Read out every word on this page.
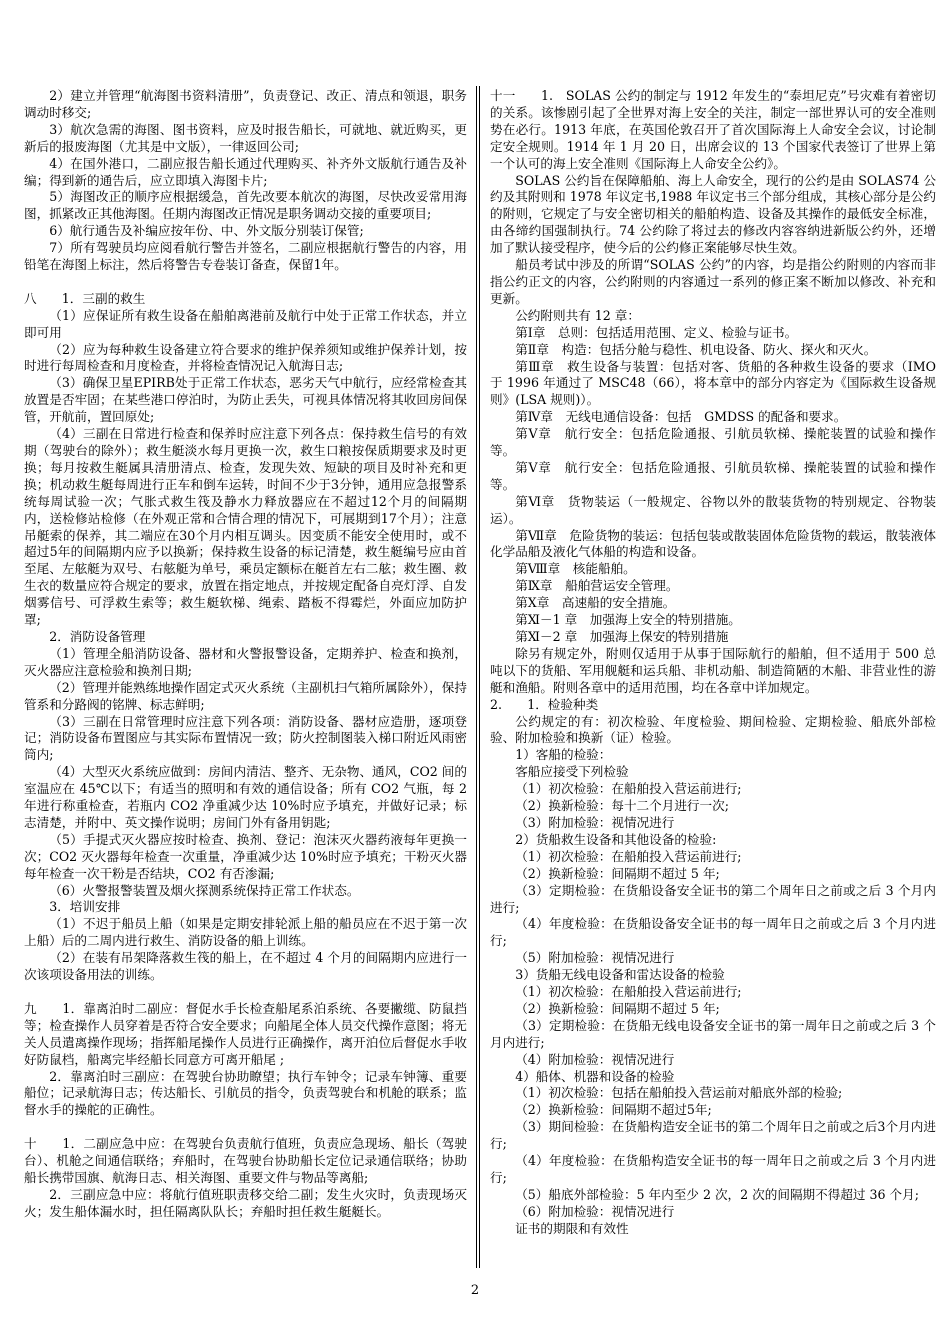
2）建立并管理“航海图书资料清册”，负责登记、改正、清点和领退，职务调动时移交;

3）航次急需的海图、图书资料，应及时报告船长，可就地、就近购买，更新后的报废海图（尤其是中文版），一律返回公司;

4）在国外港口，二副应报告船长通过代理购买、补齐外文版航行通告及补编；得到新的通告后，应立即填入海图卡片;

5）海图改正的顺序应根据缓急，首先改要本航次的海图，尽快改妥常用海图，抓紧改正其他海图。任期内海图改正情况是职务调动交接的重要项目;

6）航行通告及补编应按年份、中、外文版分别装订保管;

7）所有驾驶员均应阅看航行警告并签名，二副应根据航行警告的内容，用铅笔在海图上标注，然后将警告专卷装订备查，保留1年。

八　　1．三副的救生

（1）应保证所有救生设备在船舶离港前及航行中处于正常工作状态，并立即可用

（2）应为每种救生设备建立符合要求的维护保养须知或维护保养计划，按时进行每周检查和月度检查，并将检查情况记入航海日志;

（3）确保卫星EPIRB处于正常工作状态，恶劣天气中航行，应经常检查其放置是否牢固；在某些港口停泊时，为防止丢失，可视具体情况将其收回房间保管，开航前，置回原处;

（4）三副在日常进行检查和保养时应注意下列各点：保持救生信号的有效期（驾驶台的除外）；救生艇淡水每月更换一次，救生口粮按保质期要求及时更换；每月按救生艇属具清册清点、检查，发现失效、短缺的项目及时补充和更换；机动救生艇每周进行正车和倒车运转，时间不少于3分钟，通用应急报警系统每周试验一次；气胀式救生筏及静水力释放器应在不超过12个月的间隔期内，送检修站检修（在外观正常和合情合理的情况下，可展期到17个月）；注意吊艇索的保养，其二端应在30个月内相互调头。因变质不能安全使用时，或不超过5年的间隔期内应予以换新；保持救生设备的标记清楚，救生艇编号应由首至尾、左舷艇为双号、右舷艇为单号，乘员定额标在艇首左右二舷；救生圈、救生衣的数量应符合规定的要求，放置在指定地点，并按规定配备自亮灯浮、自发烟雾信号、可浮救生索等；救生艇软梯、绳索、踏板不得霉烂，外面应加防护罩;

2．消防设备管理

（1）管理全船消防设备、器材和火警报警设备，定期养护、检查和换剂，灭火器应注意检验和换剂日期;

（2）管理并能熟练地操作固定式灭火系统（主副机扫气箱所属除外），保持管系和分路阀的铭牌、标志鲜明;

（3）三副在日常管理时应注意下列各项：消防设备、器材应造册，逐项登记；消防设备布置图应与其实际布置情况一致；防火控制图装入梯口附近风雨密筒内;

（4）大型灭火系统应做到：房间内清洁、整齐、无杂物、通风，CO2 间的室温应在 45℃以下；有适当的照明和有效的通信设备；所有 CO2 气瓶，每 2 年进行称重检查，若瓶内 CO2 净重减少达 10%时应予填充，并做好记录；标志清楚，并附中、英文操作说明；房间门外有备用钥匙;

（5）手提式灭火器应按时检查、换剂、登记：泡沫灭火器药液每年更换一次；CO2 灭火器每年检查一次重量，净重减少达 10%时应予填充；干粉灭火器每年检查一次干粉是否结块，CO2 有否渗漏;

（6）火警报警装置及烟火探测系统保持正常工作状态。

3．培训安排

（1）不迟于船员上船（如果是定期安排轮派上船的船员应在不迟于第一次上船）后的二周内进行救生、消防设备的船上训练。

（2）在装有吊架降落救生筏的船上，在不超过 4 个月的间隔期内应进行一次该项设备用法的训练。

九　　1．靠离泊时二副应：督促水手长检查船尾系泊系统、各要撇缆、防鼠挡等；检查操作人员穿着是否符合安全要求；向船尾全体人员交代操作意图；将无关人员遣离操作现场；指挥船尾操作人员进行正确操作，离开泊位后督促水手收好防鼠档，船离完毕经船长同意方可离开船尾 ;

2．靠离泊时三副应：在驾驶台协助瞭望；执行车钟令；记录车钟簿、重要船位；记录航海日志；传达船长、引航员的指令，负责驾驶台和机舱的联系；监督水手的操舵的正确性。

十　　1．二副应急中应：在驾驶台负责航行值班，负责应急现场、船长（驾驶台）、机舱之间通信联络；弃船时，在驾驶台协助船长定位记录通信联络；协助船长携带国旗、航海日志、相关海图、重要文件与物品等离船;

2．三副应急中应：将航行值班职责移交给二副；发生火灾时，负责现场灭火；发生船体漏水时，担任隔离队队长；弃船时担任救生艇艇长。

十一　　1.　SOLAS 公约的制定与 1912 年发生的“泰坦尼克”号灾难有着密切的关系。该惨剧引起了全世界对海上安全的关注，制定一部世界认可的安全准则势在必行。1913 年底，在英国伦敦召开了首次国际海上人命安全会议，讨论制定安全规则。1914 年 1 月 20 日，出席会议的 13 个国家代表签订了世界上第一个认可的海上安全准则《国际海上人命安全公约》。

SOLAS 公约旨在保障船舶、海上人命安全，现行的公约是由 SOLAS74 公约及其附则和 1978 年议定书,1988 年议定书三个部分组成，其核心部分是公约的附则，它规定了与安全密切相关的船舶构造、设备及其操作的最低安全标准，由各缔约国强制执行。74 公约除了将过去的修改内容容纳进新版公约外，还增加了默认接受程序，使今后的公约修正案能够尽快生效。

船员考试中涉及的所谓“SOLAS 公约”的内容，均是指公约附则的内容而非指公约正文的内容，公约附则的内容通过一系列的修正案不断加以修改、补充和更新。

公约附则共有 12 章：

第Ⅰ章　总则：包括适用范围、定义、检验与证书。

第Ⅱ章　构造：包括分舱与稳性、机电设备、防火、探火和灭火。

第Ⅲ章　救生设备与装置：包括对客、货船的各种救生设备的要求（IMO 于 1996 年通过了 MSC48（66），将本章中的部分内容定为《国际救生设备规则》(LSA 规则)）。

第Ⅳ章　无线电通信设备：包括　GMDSS 的配备和要求。

第Ⅴ章　航行安全：包括危险通报、引航员软梯、操舵装置的试验和操作等。

第Ⅴ章　航行安全：包括危险通报、引航员软梯、操舵装置的试验和操作等。

第Ⅵ章　货物装运（一般规定、谷物以外的散装货物的特别规定、谷物装运）。

第Ⅶ章　危险货物的装运：包括包装或散装固体危险货物的载运，散装液体化学品船及液化气体船的构造和设备。

第Ⅷ章　核能船舶。

第Ⅸ章　船舶营运安全管理。

第Ⅹ章　高速船的安全措施。

第Ⅺ－1 章　加强海上安全的特别措施。

第Ⅺ－2 章　加强海上保安的特别措施

除另有规定外，附则仅适用于从事于国际航行的船舶，但不适用于 500 总吨以下的货船、军用舰艇和运兵船、非机动船、制造简陋的木船、非营业性的游艇和渔船。附则各章中的适用范围，均在各章中详加规定。

2.　　1．检验种类

公约规定的有：初次检验、年度检验、期间检验、定期检验、船底外部检验、附加检验和换新（证）检验。

1）客船的检验：

客船应接受下列检验

（1）初次检验：在船舶投入营运前进行;

（2）换新检验：每十二个月进行一次;

（3）附加检验：视情况进行

2）货船救生设备和其他设备的检验:

（1）初次检验：在船舶投入营运前进行;

（2）换新检验：间隔期不超过 5 年;

（3）定期检验：在货船设备安全证书的第二个周年日之前或之后 3 个月内进行;

（4）年度检验：在货船设备安全证书的每一周年日之前或之后 3 个月内进行;

（5）附加检验：视情况进行

3）货船无线电设备和雷达设备的检验

（1）初次检验：在船舶投入营运前进行;

（2）换新检验：间隔期不超过 5 年;

（3）定期检验：在货船无线电设备安全证书的第一周年日之前或之后 3 个月内进行;

（4）附加检验：视情况进行

4）船体、机器和设备的检验

（1）初次检验：包括在船舶投入营运前对船底外部的检验;

（2）换新检验：间隔期不超过5年;

（3）期间检验：在货船构造安全证书的第二个周年日之前或之后3个月内进行;

（4）年度检验：在货船构造安全证书的每一周年日之前或之后 3 个月内进行;

（5）船底外部检验：5 年内至少 2 次，2 次的间隔期不得超过 36 个月;

（6）附加检验：视情况进行

证书的期限和有效性

2
